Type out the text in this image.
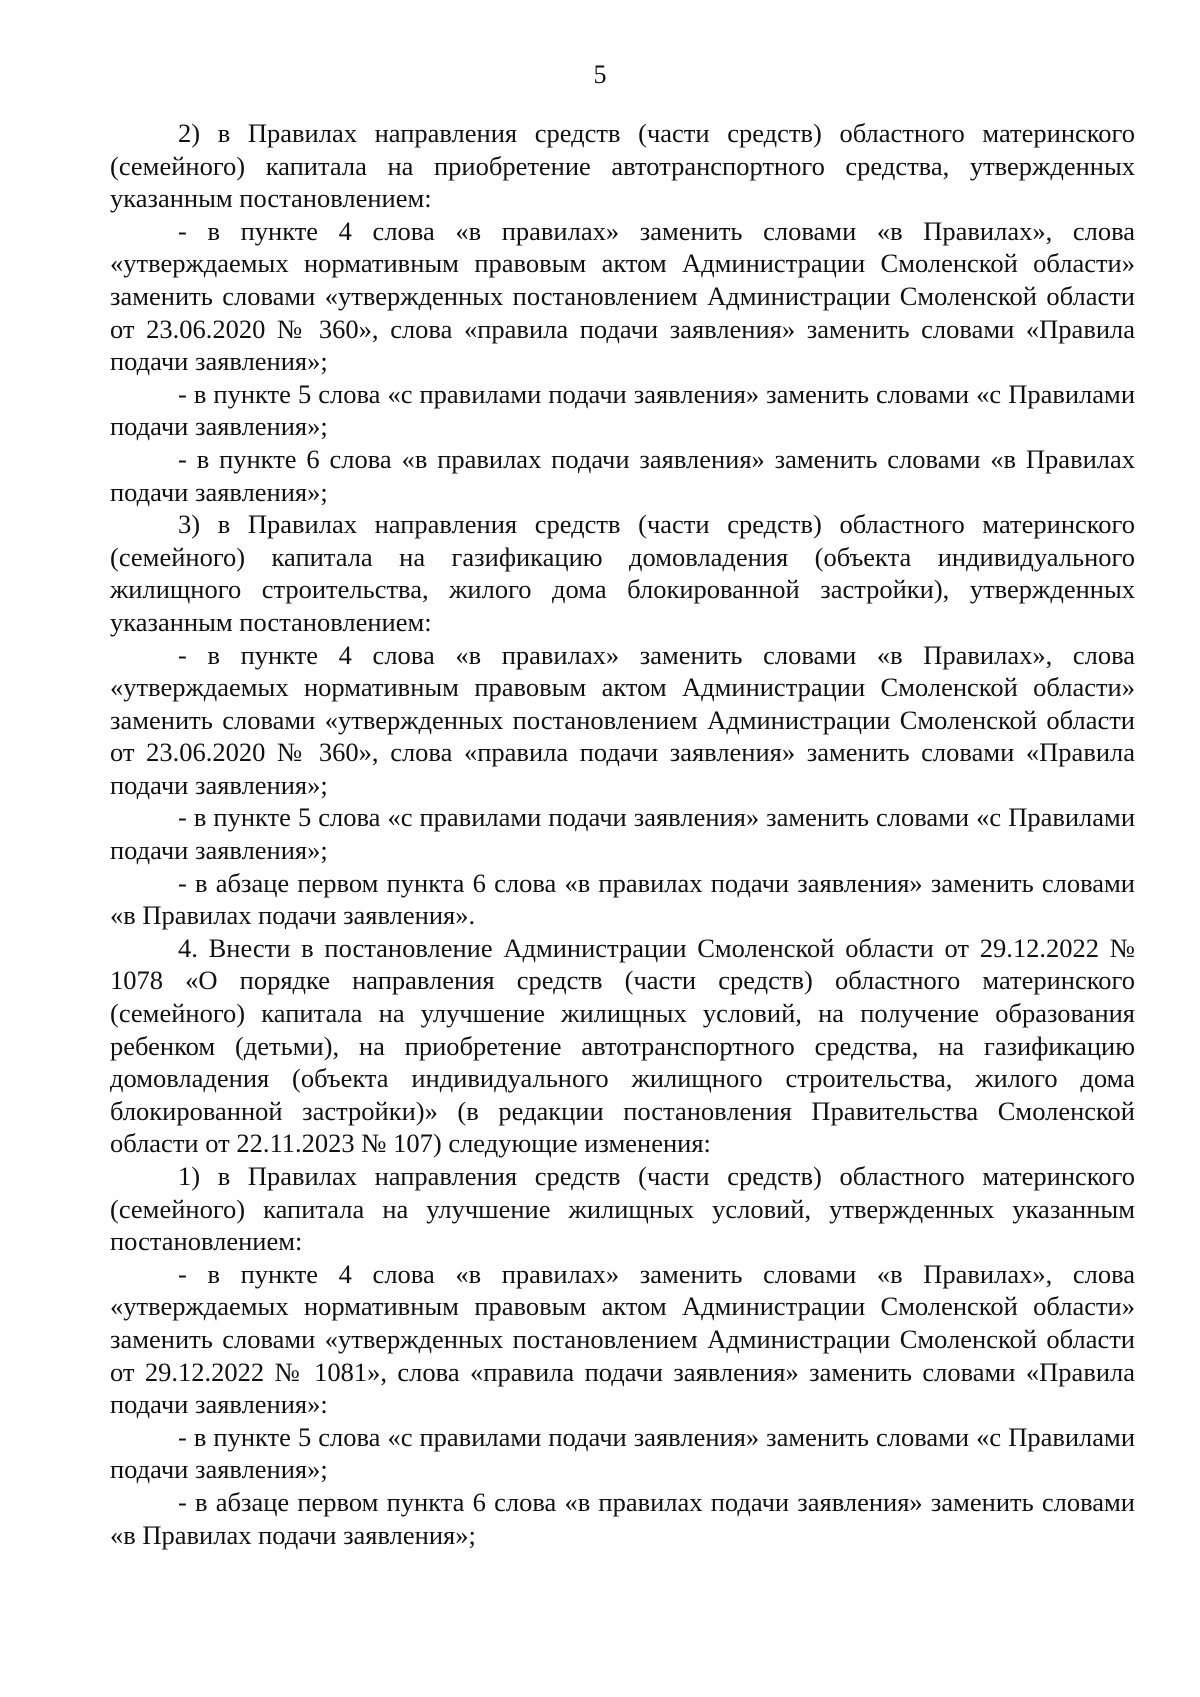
5

2) в Правилах направления средств (части средств) областного материнского (семейного) капитала на приобретение автотранспортного средства, утвержденных указанным постановлением:

- в пункте 4 слова «в правилах» заменить словами «в Правилах», слова «утверждаемых нормативным правовым актом Администрации Смоленской области» заменить словами «утвержденных постановлением Администрации Смоленской области от 23.06.2020 № 360», слова «правила подачи заявления» заменить словами «Правила подачи заявления»;

- в пункте 5 слова «с правилами подачи заявления» заменить словами «с Правилами подачи заявления»;

- в пункте 6 слова «в правилах подачи заявления» заменить словами «в Правилах подачи заявления»;

3) в Правилах направления средств (части средств) областного материнского (семейного) капитала на газификацию домовладения (объекта индивидуального жилищного строительства, жилого дома блокированной застройки), утвержденных указанным постановлением:

- в пункте 4 слова «в правилах» заменить словами «в Правилах», слова «утверждаемых нормативным правовым актом Администрации Смоленской области» заменить словами «утвержденных постановлением Администрации Смоленской области от 23.06.2020 № 360», слова «правила подачи заявления» заменить словами «Правила подачи заявления»;

- в пункте 5 слова «с правилами подачи заявления» заменить словами «с Правилами подачи заявления»;

- в абзаце первом пункта 6 слова «в правилах подачи заявления» заменить словами «в Правилах подачи заявления».

4. Внести в постановление Администрации Смоленской области от 29.12.2022 № 1078 «О порядке направления средств (части средств) областного материнского (семейного) капитала на улучшение жилищных условий, на получение образования ребенком (детьми), на приобретение автотранспортного средства, на газификацию домовладения (объекта индивидуального жилищного строительства, жилого дома блокированной застройки)» (в редакции постановления Правительства Смоленской области от 22.11.2023 № 107) следующие изменения:

1) в Правилах направления средств (части средств) областного материнского (семейного) капитала на улучшение жилищных условий, утвержденных указанным постановлением:

- в пункте 4 слова «в правилах» заменить словами «в Правилах», слова «утверждаемых нормативным правовым актом Администрации Смоленской области» заменить словами «утвержденных постановлением Администрации Смоленской области от 29.12.2022 № 1081», слова «правила подачи заявления» заменить словами «Правила подачи заявления»:

- в пункте 5 слова «с правилами подачи заявления» заменить словами «с Правилами подачи заявления»;

- в абзаце первом пункта 6 слова «в правилах подачи заявления» заменить словами «в Правилах подачи заявления»;
